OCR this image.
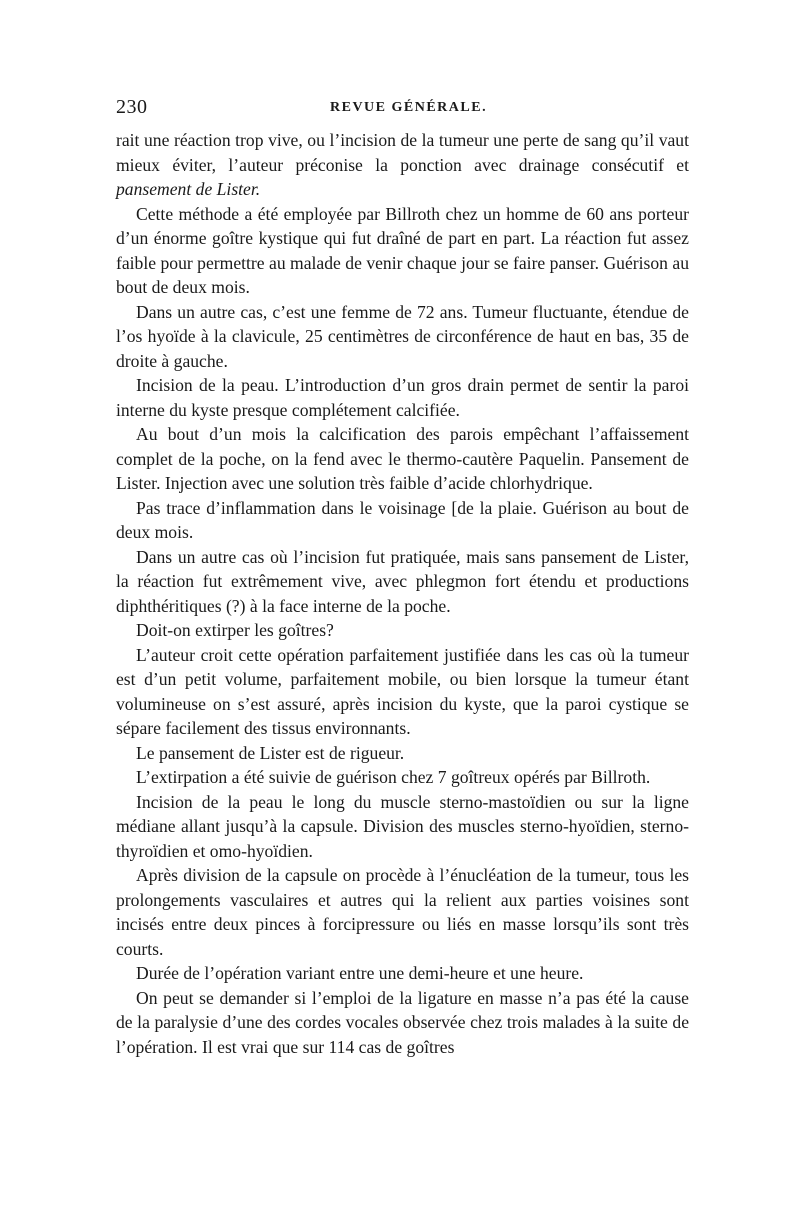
230	REVUE GÉNÉRALE.

rait une réaction trop vive, ou l’incision de la tumeur une perte de sang qu’il vaut mieux éviter, l’auteur préconise la ponction avec drainage consécutif et pansement de Lister.

Cette méthode a été employée par Billroth chez un homme de 60 ans porteur d’un énorme goître kystique qui fut draîné de part en part. La réaction fut assez faible pour permettre au malade de venir chaque jour se faire panser. Guérison au bout de deux mois.

Dans un autre cas, c’est une femme de 72 ans. Tumeur fluctuante, étendue de l’os hyoïde à la clavicule, 25 centimètres de circonférence de haut en bas, 35 de droite à gauche.

Incision de la peau. L’introduction d’un gros drain permet de sentir la paroi interne du kyste presque complétement calcifiée.

Au bout d’un mois la calcification des parois empêchant l’affaissement complet de la poche, on la fend avec le thermo-cautère Paquelin. Pansement de Lister. Injection avec une solution très faible d’acide chlorhydrique.

Pas trace d’inflammation dans le voisinage [de la plaie. Guérison au bout de deux mois.

Dans un autre cas où l’incision fut pratiquée, mais sans pansement de Lister, la réaction fut extrêmement vive, avec phlegmon fort étendu et productions diphthéritiques (?) à la face interne de la poche.

Doit-on extirper les goîtres?

L’auteur croit cette opération parfaitement justifiée dans les cas où la tumeur est d’un petit volume, parfaitement mobile, ou bien lorsque la tumeur étant volumineuse on s’est assuré, après incision du kyste, que la paroi cystique se sépare facilement des tissus environnants.

Le pansement de Lister est de rigueur.

L’extirpation a été suivie de guérison chez 7 goîtreux opérés par Billroth.

Incision de la peau le long du muscle sterno-mastoïdien ou sur la ligne médiane allant jusqu’à la capsule. Division des muscles sterno-hyoïdien, sterno-thyroïdien et omo-hyoïdien.

Après division de la capsule on procède à l’énucléation de la tumeur, tous les prolongements vasculaires et autres qui la relient aux parties voisines sont incisés entre deux pinces à forcipressure ou liés en masse lorsqu’ils sont très courts.

Durée de l’opération variant entre une demi-heure et une heure.

On peut se demander si l’emploi de la ligature en masse n’a pas été la cause de la paralysie d’une des cordes vocales observée chez trois malades à la suite de l’opération. Il est vrai que sur 114 cas de goîtres
